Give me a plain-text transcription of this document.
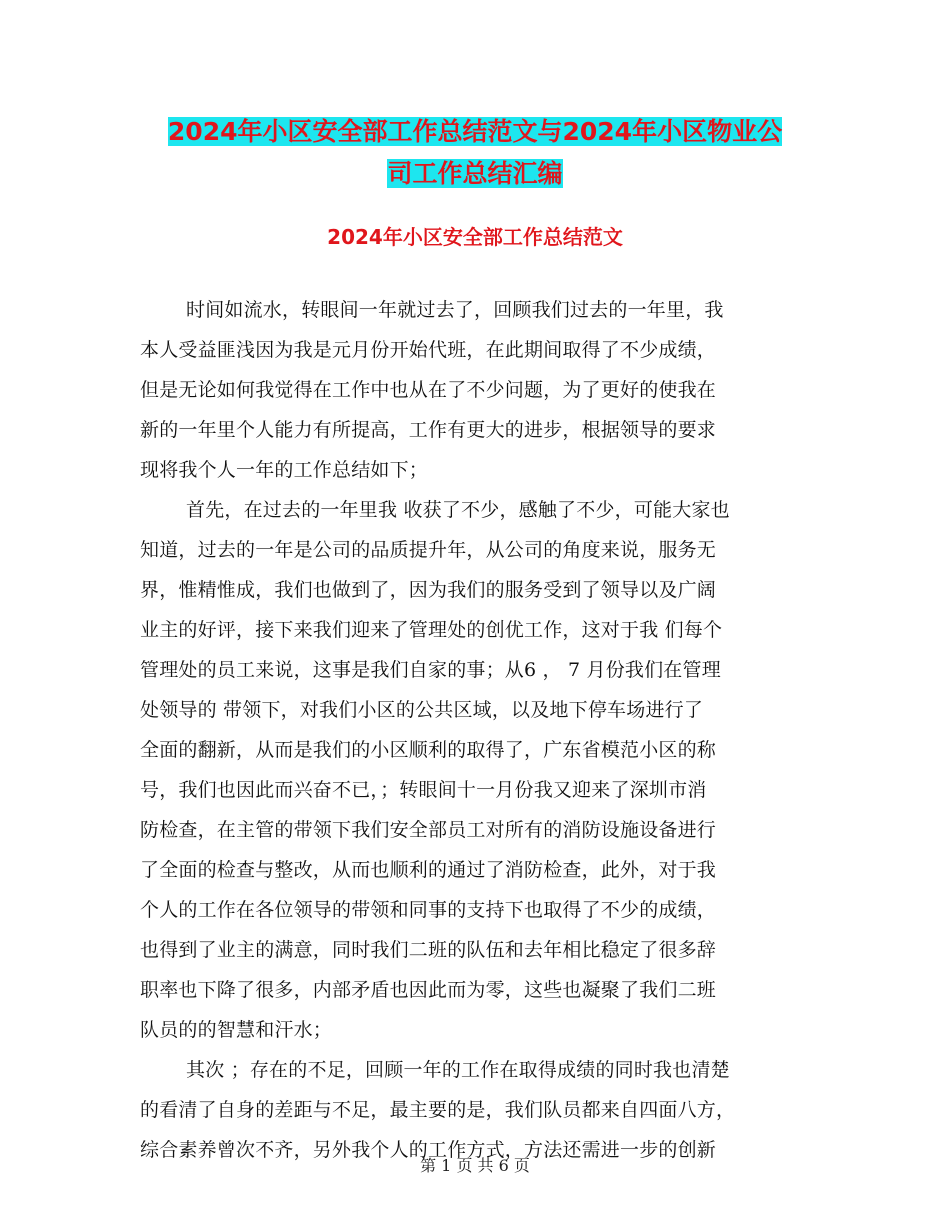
2024年小区安全部工作总结范文与2024年小区物业公
司工作总结汇编
2024年小区安全部工作总结范文
时间如流水，转眼间一年就过去了，回顾我们过去的一年里，我
本人受益匪浅因为我是元月份开始代班，在此期间取得了不少成绩，
但是无论如何我觉得在工作中也从在了不少问题，为了更好的使我在
新的一年里个人能力有所提高，工作有更大的进步，根据领导的要求
现将我个人一年的工作总结如下；
首先，在过去的一年里我 收获了不少，感触了不少，可能大家也
知道，过去的一年是公司的品质提升年，从公司的角度来说，服务无
界，惟精惟成，我们也做到了，因为我们的服务受到了领导以及广阔
业主的好评，接下来我们迎来了管理处的创优工作，这对于我 们每个
管理处的员工来说，这事是我们自家的事；从6 ， 7 月份我们在管理
处领导的 带领下，对我们小区的公共区域，以及地下停车场进行了
全面的翻新，从而是我们的小区顺利的取得了，广东省模范小区的称
号，我们也因此而兴奋不已，；转眼间十一月份我又迎来了深圳市消
防检查，在主管的带领下我们安全部员工对所有的消防设施设备进行
了全面的检查与整改，从而也顺利的通过了消防检查，此外，对于我
个人的工作在各位领导的带领和同事的支持下也取得了不少的成绩，
也得到了业主的满意，同时我们二班的队伍和去年相比稳定了很多辞
职率也下降了很多，内部矛盾也因此而为零，这些也凝聚了我们二班
队员的的智慧和汗水；
其次 ；存在的不足，回顾一年的工作在取得成绩的同时我也清楚
的看清了自身的差距与不足，最主要的是，我们队员都来自四面八方，
综合素养曾次不齐，另外我个人的工作方式，方法还需进一步的创新
第 1 页 共 6 页
